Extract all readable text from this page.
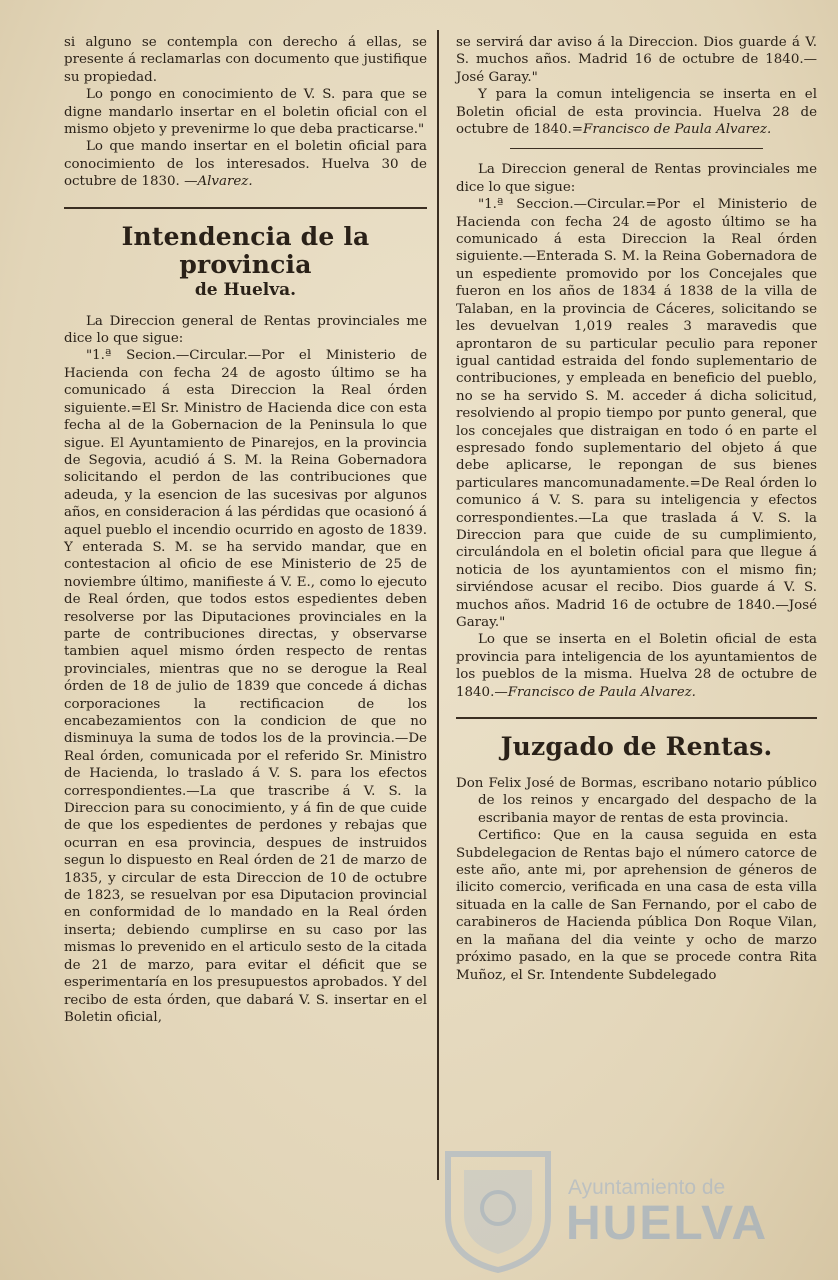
si alguno se contempla con derecho á ellas, se presente á reclamarlas con documento que justifique su propiedad.

Lo pongo en conocimiento de V. S. para que se digne mandarlo insertar en el boletin oficial con el mismo objeto y prevenirme lo que deba practicarse."

Lo que mando insertar en el boletin oficial para conocimiento de los interesados. Huelva 30 de octubre de 1830. —Alvarez.

Intendencia de la provincia
de Huelva.

La Direccion general de Rentas provinciales me dice lo que sigue:

"1.ª Secion.—Circular.—Por el Ministerio de Hacienda con fecha 24 de agosto último se ha comunicado á esta Direccion la Real órden siguiente.=El Sr. Ministro de Hacienda dice con esta fecha al de la Gobernacion de la Peninsula lo que sigue. El Ayuntamiento de Pinarejos, en la provincia de Segovia, acudió á S. M. la Reina Gobernadora solicitando el perdon de las contribuciones que adeuda, y la esencion de las sucesivas por algunos años, en consideracion á las pérdidas que ocasionó á aquel pueblo el incendio ocurrido en agosto de 1839. Y enterada S. M. se ha servido mandar, que en contestacion al oficio de ese Ministerio de 25 de noviembre último, manifieste á V. E., como lo ejecuto de Real órden, que todos estos espedientes deben resolverse por las Diputaciones provinciales en la parte de contribuciones directas, y observarse tambien aquel mismo órden respecto de rentas provinciales, mientras que no se derogue la Real órden de 18 de julio de 1839 que concede á dichas corporaciones la rectificacion de los encabezamientos con la condicion de que no disminuya la suma de todos los de la provincia.—De Real órden, comunicada por el referido Sr. Ministro de Hacienda, lo traslado á V. S. para los efectos correspondientes.—La que trascribe á V. S. la Direccion para su conocimiento, y á fin de que cuide de que los espedientes de perdones y rebajas que ocurran en esa provincia, despues de instruidos segun lo dispuesto en Real órden de 21 de marzo de 1835, y circular de esta Direccion de 10 de octubre de 1823, se resuelvan por esa Diputacion provincial en conformidad de lo mandado en la Real órden inserta; debiendo cumplirse en su caso por las mismas lo prevenido en el articulo sesto de la citada de 21 de marzo, para evitar el déficit que se esperimentaría en los presupuestos aprobados. Y del recibo de esta órden, que dabará V. S. insertar en el Boletin oficial,

se servirá dar aviso á la Direccion. Dios guarde á V. S. muchos años. Madrid 16 de octubre de 1840.—José Garay."

Y para la comun inteligencia se inserta en el Boletin oficial de esta provincia. Huelva 28 de octubre de 1840.=Francisco de Paula Alvarez.

La Direccion general de Rentas provinciales me dice lo que sigue:

"1.ª Seccion.—Circular.=Por el Ministerio de Hacienda con fecha 24 de agosto último se ha comunicado á esta Direccion la Real órden siguiente.—Enterada S. M. la Reina Gobernadora de un espediente promovido por los Concejales que fueron en los años de 1834 á 1838 de la villa de Talaban, en la provincia de Cáceres, solicitando se les devuelvan 1,019 reales 3 maravedis que aprontaron de su particular peculio para reponer igual cantidad estraida del fondo suplementario de contribuciones, y empleada en beneficio del pueblo, no se ha servido S. M. acceder á dicha solicitud, resolviendo al propio tiempo por punto general, que los concejales que distraigan en todo ó en parte el espresado fondo suplementario del objeto á que debe aplicarse, le repongan de sus bienes particulares mancomunadamente.=De Real órden lo comunico á V. S. para su inteligencia y efectos correspondientes.—La que traslada á V. S. la Direccion para que cuide de su cumplimiento, circulándola en el boletin oficial para que llegue á noticia de los ayuntamientos con el mismo fin; sirviéndose acusar el recibo. Dios guarde á V. S. muchos años. Madrid 16 de octubre de 1840.—José Garay."

Lo que se inserta en el Boletin oficial de esta provincia para inteligencia de los ayuntamientos de los pueblos de la misma. Huelva 28 de octubre de 1840.—Francisco de Paula Alvarez.

Juzgado de Rentas.

Don Felix José de Bormas, escribano notario público de los reinos y encargado del despacho de la escribania mayor de rentas de esta provincia.

Certifico: Que en la causa seguida en esta Subdelegacion de Rentas bajo el número catorce de este año, ante mi, por aprehension de géneros de ilicito comercio, verificada en una casa de esta villa situada en la calle de San Fernando, por el cabo de carabineros de Hacienda pública Don Roque Vilan, en la mañana del dia veinte y ocho de marzo próximo pasado, en la que se procede contra Rita Muñoz, el Sr. Intendente Subdelegado

Ayuntamiento de
HUELVA
